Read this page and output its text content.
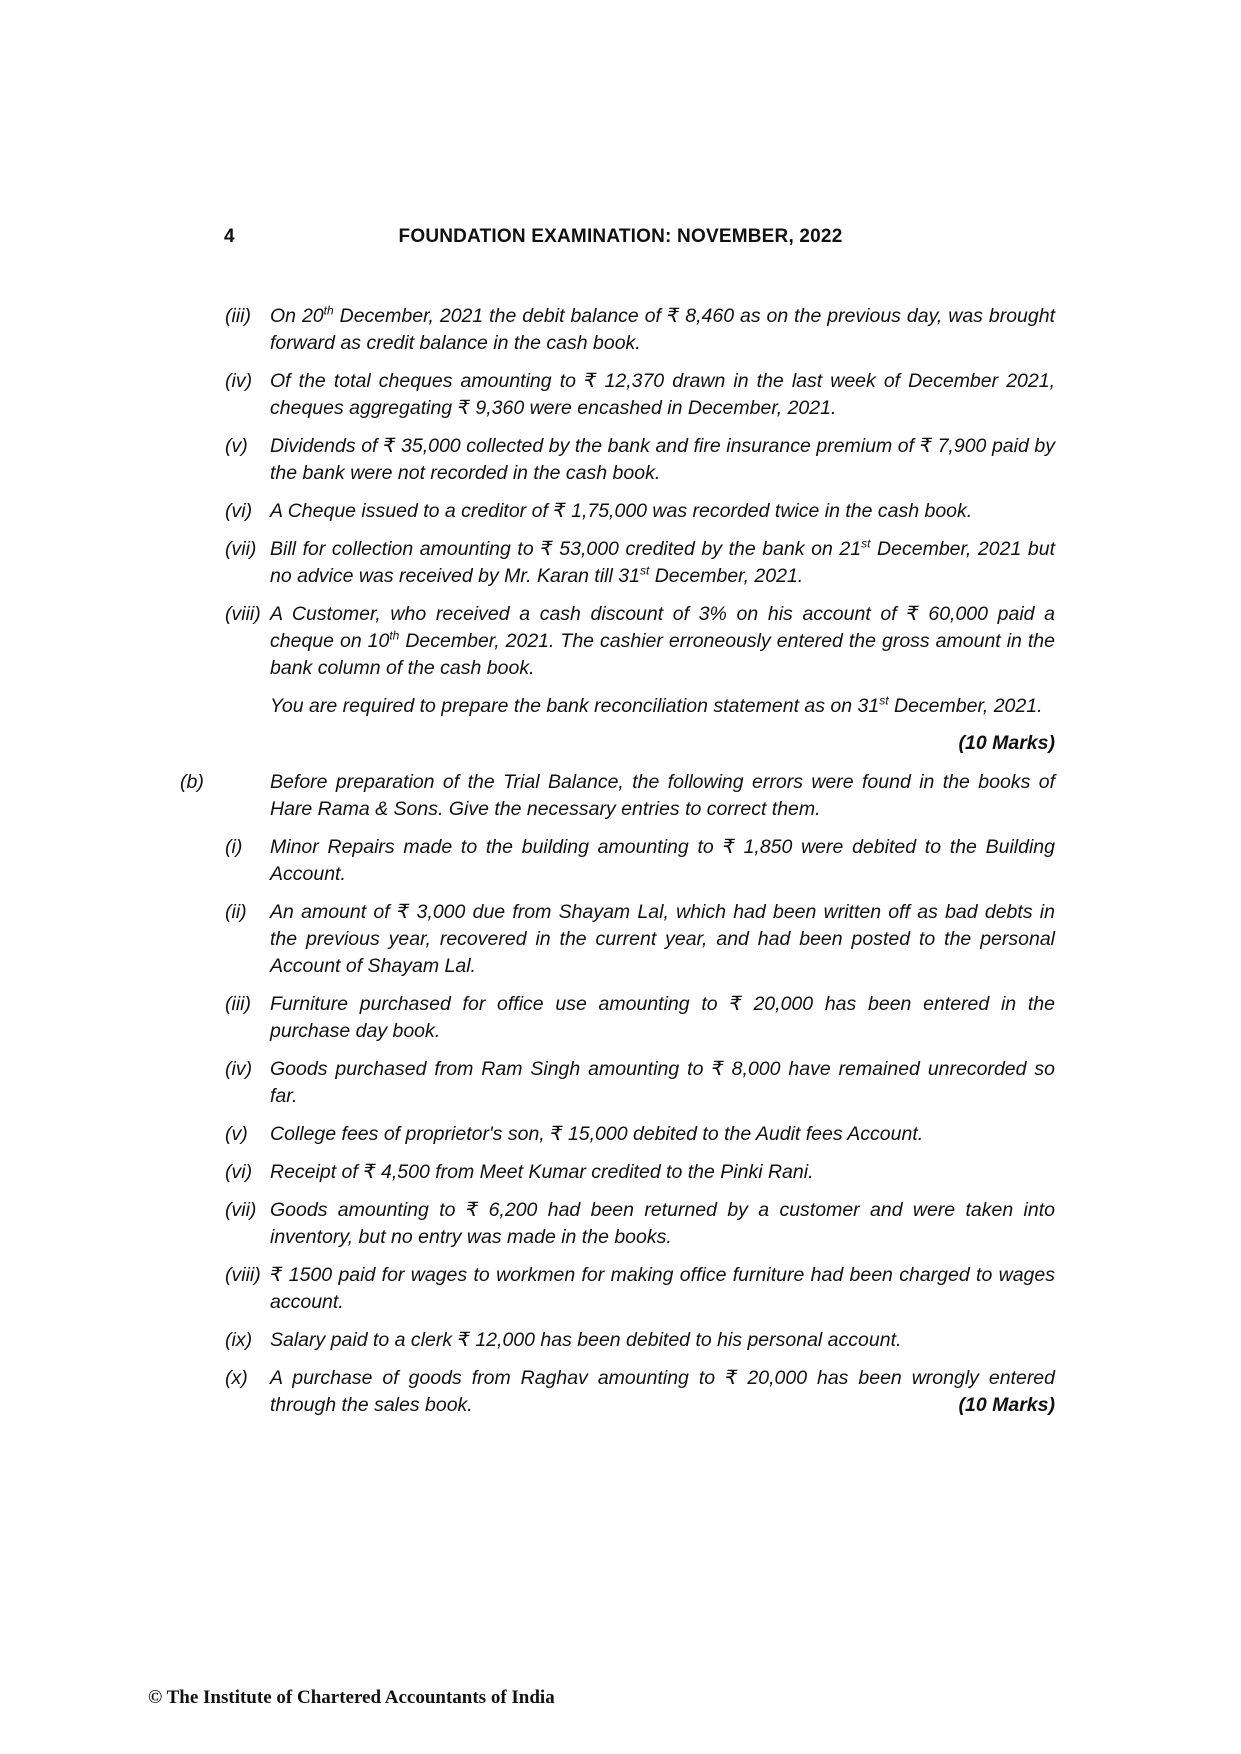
4	FOUNDATION EXAMINATION: NOVEMBER, 2022
(iii) On 20th December, 2021 the debit balance of ₹ 8,460 as on the previous day, was brought forward as credit balance in the cash book.
(iv) Of the total cheques amounting to ₹ 12,370 drawn in the last week of December 2021, cheques aggregating ₹ 9,360 were encashed in December, 2021.
(v) Dividends of ₹ 35,000 collected by the bank and fire insurance premium of ₹ 7,900 paid by the bank were not recorded in the cash book.
(vi) A Cheque issued to a creditor of ₹ 1,75,000 was recorded twice in the cash book.
(vii) Bill for collection amounting to ₹ 53,000 credited by the bank on 21st December, 2021 but no advice was received by Mr. Karan till 31st December, 2021.
(viii) A Customer, who received a cash discount of 3% on his account of ₹ 60,000 paid a cheque on 10th December, 2021. The cashier erroneously entered the gross amount in the bank column of the cash book.
You are required to prepare the bank reconciliation statement as on 31st December, 2021.
(10 Marks)
(b)	Before preparation of the Trial Balance, the following errors were found in the books of Hare Rama & Sons. Give the necessary entries to correct them.
(i) Minor Repairs made to the building amounting to ₹ 1,850 were debited to the Building Account.
(ii) An amount of ₹ 3,000 due from Shayam Lal, which had been written off as bad debts in the previous year, recovered in the current year, and had been posted to the personal Account of Shayam Lal.
(iii) Furniture purchased for office use amounting to ₹ 20,000 has been entered in the purchase day book.
(iv) Goods purchased from Ram Singh amounting to ₹ 8,000 have remained unrecorded so far.
(v) College fees of proprietor's son, ₹ 15,000 debited to the Audit fees Account.
(vi) Receipt of ₹ 4,500 from Meet Kumar credited to the Pinki Rani.
(vii) Goods amounting to ₹ 6,200 had been returned by a customer and were taken into inventory, but no entry was made in the books.
(viii) ₹ 1500 paid for wages to workmen for making office furniture had been charged to wages account.
(ix) Salary paid to a clerk ₹ 12,000 has been debited to his personal account.
(x) A purchase of goods from Raghav amounting to ₹ 20,000 has been wrongly entered through the sales book.	(10 Marks)
© The Institute of Chartered Accountants of India
